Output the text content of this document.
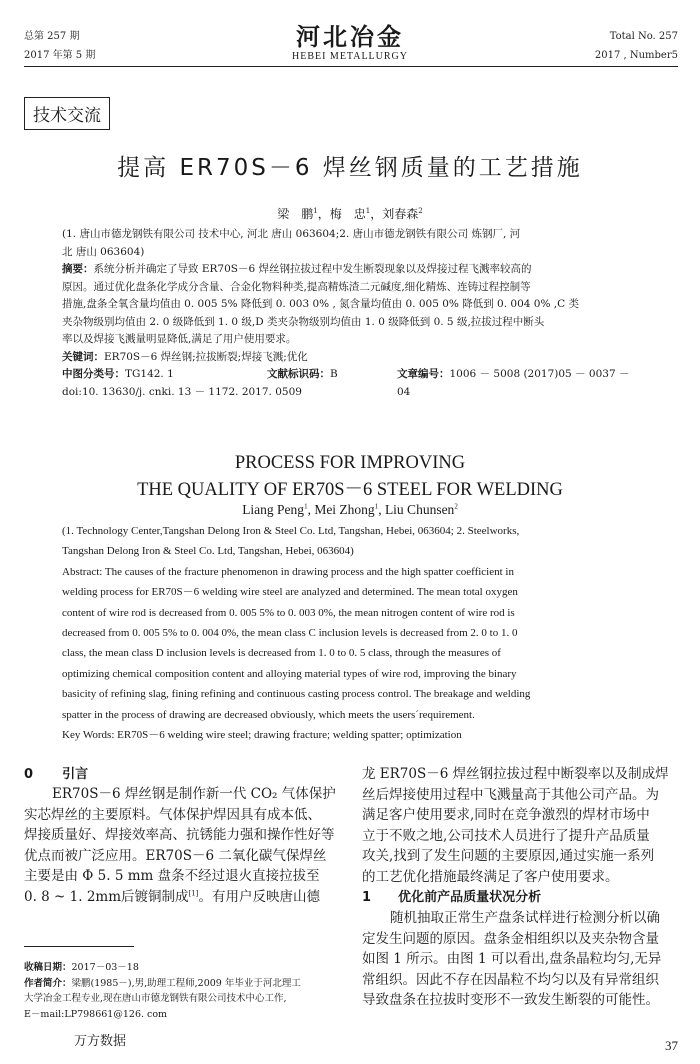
总第 257 期
2017 年第 5 期
河北冶金
HEBEI METALLURGY
Total No. 257
2017 , Number5
技术交流
提高 ER70S－6 焊丝钢质量的工艺措施
梁　鹏$^1$，梅　忠$^1$，刘春森$^2$
(1. 唐山市德龙钢铁有限公司 技术中心, 河北 唐山 063604;2. 唐山市德龙钢铁有限公司 炼钢厂, 河
北 唐山 063604)
摘要：系统分析并确定了导致 ER70S－6 焊丝钢拉拔过程中发生断裂现象以及焊接过程飞溅率较高的
原因。通过优化盘条化学成分含量、合金化物料种类,提高精炼渣二元碱度,细化精炼、连铸过程控制等
措施,盘条全氧含量均值由 0. 005 5% 降低到 0. 003 0% , 氮含量均值由 0. 005 0% 降低到 0. 004 0% ,C 类
夹杂物级别均值由 2. 0 级降低到 1. 0 级,D 类夹杂物级别均值由 1. 0 级降低到 0. 5 级,拉拔过程中断头
率以及焊接飞溅量明显降低,满足了用户使用要求。
关键词：ER70S－6 焊丝钢;拉拔断裂;焊接飞溅;优化
中图分类号：TG142. 1	文献标识码：B	文章编号：1006 － 5008 (2017)05 － 0037 － 04
doi:10. 13630/j. cnki. 13 － 1172. 2017. 0509
PROCESS FOR IMPROVING
THE QUALITY OF ER70S－6 STEEL FOR WELDING
Liang Peng$^1$, Mei Zhong$^1$, Liu Chunsen$^2$
(1. Technology Center,Tangshan Delong Iron & Steel Co. Ltd, Tangshan, Hebei, 063604; 2. Steelworks,
Tangshan Delong Iron & Steel Co. Ltd, Tangshan, Hebei, 063604)
Abstract: The causes of the fracture phenomenon in drawing process and the high spatter coefficient in
welding process for ER70S－6 welding wire steel are analyzed and determined. The mean total oxygen
content of wire rod is decreased from 0. 005 5% to 0. 003 0%, the mean nitrogen content of wire rod is
decreased from 0. 005 5% to 0. 004 0%, the mean class C inclusion levels is decreased from 2. 0 to 1. 0
class, the mean class D inclusion levels is decreased from 1. 0 to 0. 5 class, through the measures of
optimizing chemical composition content and alloying material types of wire rod, improving the binary
basicity of refining slag, fining refining and continuous casting process control. The breakage and welding
spatter in the process of drawing are decreased obviously, which meets the users´requirement.
Key Words: ER70S－6 welding wire steel; drawing fracture; welding spatter; optimization
0 引言
ER70S－6 焊丝钢是制作新一代 CO₂ 气体保护
实芯焊丝的主要原料。气体保护焊因具有成本低、
焊接质量好、焊接效率高、抗锈能力强和操作性好等
优点而被广泛应用。ER70S－6 二氧化碳气保焊丝
主要是由 Φ 5. 5 mm 盘条不经过退火直接拉拔至
0. 8 ~ 1. 2mm后镀铜制成[1]。有用户反映唐山德
收稿日期：2017－03－18
作者简介：梁鹏(1985－),男,助理工程师,2009 年毕业于河北理工
大学冶金工程专业,现在唐山市德龙钢铁有限公司技术中心工作,
E－mail:LP798661@126. com
万方数据
龙 ER70S－6 焊丝钢拉拔过程中断裂率以及制成焊
丝后焊接使用过程中飞溅量高于其他公司产品。为
满足客户使用要求,同时在竞争激烈的焊材市场中
立于不败之地,公司技术人员进行了提升产品质量
攻关,找到了发生问题的主要原因,通过实施一系列
的工艺优化措施最终满足了客户使用要求。
1 优化前产品质量状况分析
随机抽取正常生产盘条试样进行检测分析以确
定发生问题的原因。盘条金相组织以及夹杂物含量
如图 1 所示。由图 1 可以看出,盘条晶粒均匀,无异
常组织。因此不存在因晶粒不均匀以及有异常组织
导致盘条在拉拔时变形不一致发生断裂的可能性。
37
